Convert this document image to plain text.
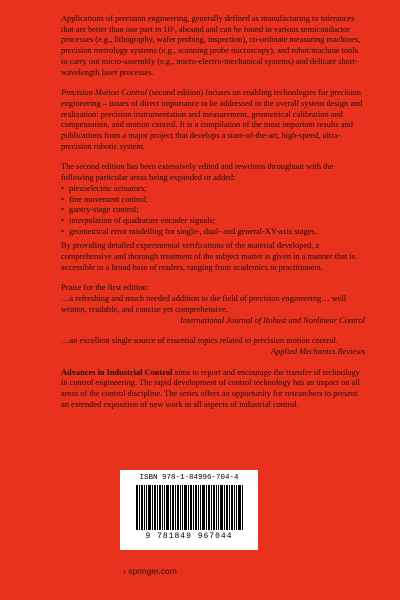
Applications of precision engineering, generally defined as manufacturing to tolerances that are better than one part in 10⁵, abound and can be found in various semiconductor processes (e.g., lithography, wafer probing, inspection), co-ordinate measuring machines, precision metrology systems (e.g., scanning probe microscopy), and robot/machine tools to carry out micro-assembly (e.g., micro-electro-mechanical systems) and delicate short-wavelength laser processes.

Precision Motion Control (second edition) focuses on enabling technologies for precision engineering – issues of direct importance to be addressed in the overall system design and realization: precision instrumentation and measurement, geometrical calibration and compensation, and motion control. It is a compilation of the most important results and publications from a major project that develops a state-of-the-art, high-speed, ultra-precision robotic system.

The second edition has been extensively edited and rewritten throughout with the following particular areas being expanded or added:

• piezoelectric actuators;
• fine movement control;
• gantry-stage control;
• interpolation of quadrature encoder signals;
• geometrical error modelling for single-, dual- and general-XY-axis stages.

By providing detailed experimental verifications of the material developed, a comprehensive and thorough treatment of the subject matter is given in a manner that is accessible to a broad base of readers, ranging from academics to practitioners.

Praise for the first edition:

…a refreshing and much needed addition to the field of precision engineering… well written, readable, and concise yet comprehensive.
International Journal of Robust and Nonlinear Control
…an excellent single source of essential topics related to precision motion control.
Applied Mechanics Reviews

Advances in Industrial Control aims to report and encourage the transfer of technology in control engineering. The rapid development of control technology has an impact on all areas of the control discipline. The series offers an opportunity for researchers to present an extended exposition of new work in all aspects of industrial control.

ISBN 978-1-84996-704-4
9 781849 967044
› springer.com
